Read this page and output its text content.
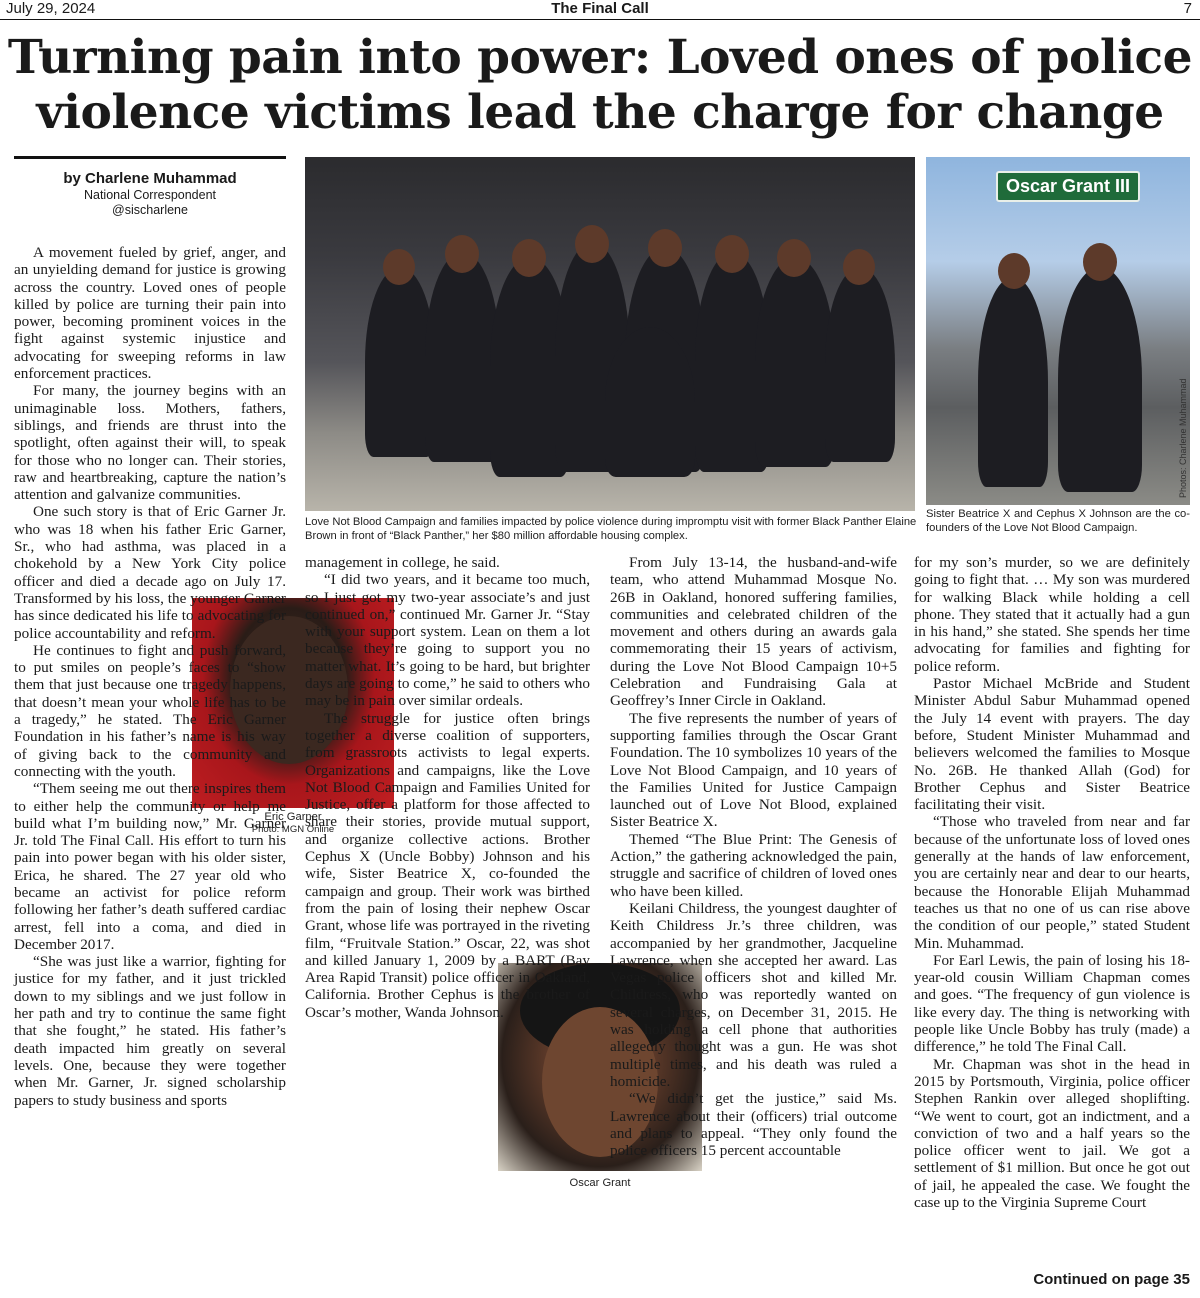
July 29, 2024	The Final Call	7
Turning pain into power: Loved ones of police violence victims lead the charge for change
by Charlene Muhammad
National Correspondent
@sischarlene
Love Not Blood Campaign and families impacted by police violence during impromptu visit with former Black Panther Elaine Brown in front of “Black Panther,” her $80 million affordable housing complex.
Oscar Grant III
Photos: Charlene Muhammad
Sister Beatrice X and Cephus X Johnson are the co-founders of the Love Not Blood Campaign.
Eric Garner
Photo: MGN Online
Oscar Grant

A movement fueled by grief, anger, and an unyielding demand for justice is growing across the country. Loved ones of people killed by police are turning their pain into power, becoming prominent voices in the fight against systemic injustice and advocating for sweeping reforms in law enforcement practices.

For many, the journey begins with an unimaginable loss. Mothers, fathers, siblings, and friends are thrust into the spotlight, often against their will, to speak for those who no longer can. Their stories, raw and heartbreaking, capture the nation’s attention and galvanize communities.

One such story is that of Eric Garner Jr. who was 18 when his father Eric Garner, Sr., who had asthma, was placed in a chokehold by a New York City police officer and died a decade ago on July 17. Transformed by his loss, the younger Garner has since dedicated his life to advocating for police accountability and reform.

He continues to fight and push forward, to put smiles on people’s faces to “show them that just because one tragedy happens, that doesn’t mean your whole life has to be a tragedy,” he stated. The Eric Garner Foundation in his father’s name is his way of giving back to the community and connecting with the youth.

“Them seeing me out there inspires them to either help the community or help me build what I’m building now,” Mr. Garner Jr. told The Final Call. His effort to turn his pain into power began with his older sister, Erica, he shared. The 27 year old who became an activist for police reform following her father’s death suffered cardiac arrest, fell into a coma, and died in December 2017.

“She was just like a warrior, fighting for justice for my father, and it just trickled down to my siblings and we just follow in her path and try to continue the same fight that she fought,” he stated. His father’s death impacted him greatly on several levels. One, because they were together when Mr. Garner, Jr. signed scholarship papers to study business and sports

management in college, he said.

“I did two years, and it became too much, so I just got my two-year associate’s and just continued on,” continued Mr. Garner Jr. “Stay with your support system. Lean on them a lot because they’re going to support you no matter what. It’s going to be hard, but brighter days are going to come,” he said to others who may be in pain over similar ordeals.

The struggle for justice often brings together a diverse coalition of supporters, from grassroots activists to legal experts. Organizations and campaigns, like the Love Not Blood Campaign and Families United for Justice, offer a platform for those affected to share their stories, provide mutual support, and organize collective actions. Brother Cephus X (Uncle Bobby) Johnson and his wife, Sister Beatrice X, co-founded the campaign and group. Their work was birthed from the pain of losing their nephew Oscar Grant, whose life was portrayed in the riveting film, “Fruitvale Station.” Oscar, 22, was shot and killed January 1, 2009 by a BART (Bay Area Rapid Transit) police officer in Oakland, California. Brother Cephus is the brother of Oscar’s mother, Wanda Johnson.

From July 13-14, the husband-and-wife team, who attend Muhammad Mosque No. 26B in Oakland, honored suffering families, communities and celebrated children of the movement and others during an awards gala commemorating their 15 years of activism, during the Love Not Blood Campaign 10+5 Celebration and Fundraising Gala at Geoffrey’s Inner Circle in Oakland.

The five represents the number of years of supporting families through the Oscar Grant Foundation. The 10 symbolizes 10 years of the Love Not Blood Campaign, and 10 years of the Families United for Justice Campaign launched out of Love Not Blood, explained Sister Beatrice X.

Themed “The Blue Print: The Genesis of Action,” the gathering acknowledged the pain, struggle and sacrifice of children of loved ones who have been killed.

Keilani Childress, the youngest daughter of Keith Childress Jr.’s three children, was accompanied by her grandmother, Jacqueline Lawrence, when she accepted her award. Las Vegas police officers shot and killed Mr. Childress, who was reportedly wanted on several charges, on December 31, 2015. He was holding a cell phone that authorities allegedly thought was a gun. He was shot multiple times, and his death was ruled a homicide.

“We didn’t get the justice,” said Ms. Lawrence about their (officers) trial outcome and plans to appeal. “They only found the police officers 15 percent accountable

for my son’s murder, so we are definitely going to fight that. … My son was murdered for walking Black while holding a cell phone. They stated that it actually had a gun in his hand,” she stated. She spends her time advocating for families and fighting for police reform.

Pastor Michael McBride and Student Minister Abdul Sabur Muhammad opened the July 14 event with prayers. The day before, Student Minister Muhammad and believers welcomed the families to Mosque No. 26B. He thanked Allah (God) for Brother Cephus and Sister Beatrice facilitating their visit.

“Those who traveled from near and far because of the unfortunate loss of loved ones generally at the hands of law enforcement, you are certainly near and dear to our hearts, because the Honorable Elijah Muhammad teaches us that no one of us can rise above the condition of our people,” stated Student Min. Muhammad.

For Earl Lewis, the pain of losing his 18-year-old cousin William Chapman comes and goes. “The frequency of gun violence is like every day. The thing is networking with people like Uncle Bobby has truly (made) a difference,” he told The Final Call.

Mr. Chapman was shot in the head in 2015 by Portsmouth, Virginia, police officer Stephen Rankin over alleged shoplifting. “We went to court, got an indictment, and a conviction of two and a half years so the police officer went to jail. We got a settlement of $1 million. But once he got out of jail, he appealed the case. We fought the case up to the Virginia Supreme Court

Continued on page 35
